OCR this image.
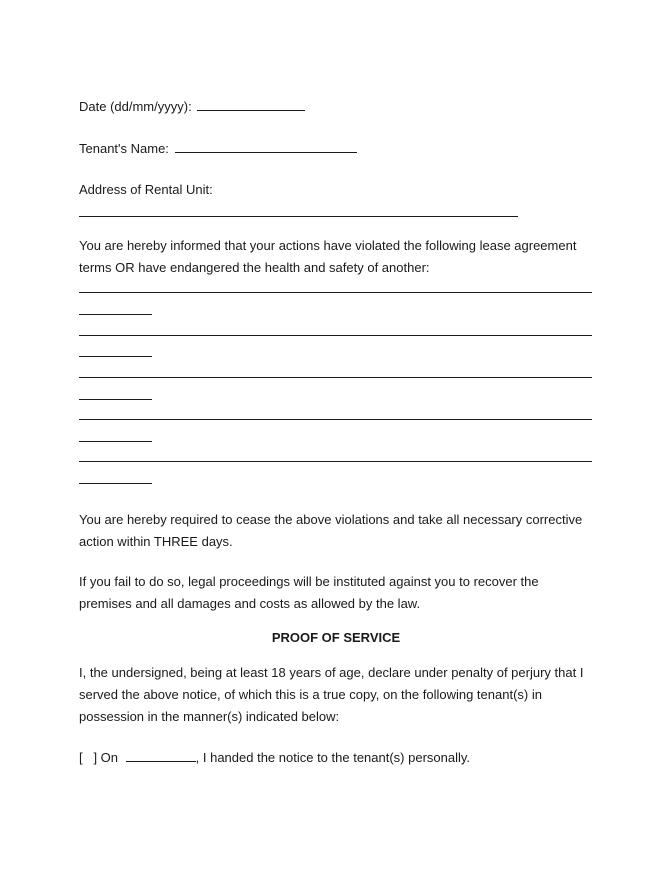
Date (dd/mm/yyyy):
Tenant's Name:
Address of Rental Unit:
You are hereby informed that your actions have violated the following lease agreement
terms OR have endangered the health and safety of another:
You are hereby required to cease the above violations and take all necessary corrective
action within THREE days.
If you fail to do so, legal proceedings will be instituted against you to recover the
premises and all damages and costs as allowed by the law.
PROOF OF SERVICE
I, the undersigned, being at least 18 years of age, declare under penalty of perjury that I
served the above notice, of which this is a true copy, on the following tenant(s) in
possession in the manner(s) indicated below:
[   ] On	, I handed the notice to the tenant(s) personally.
